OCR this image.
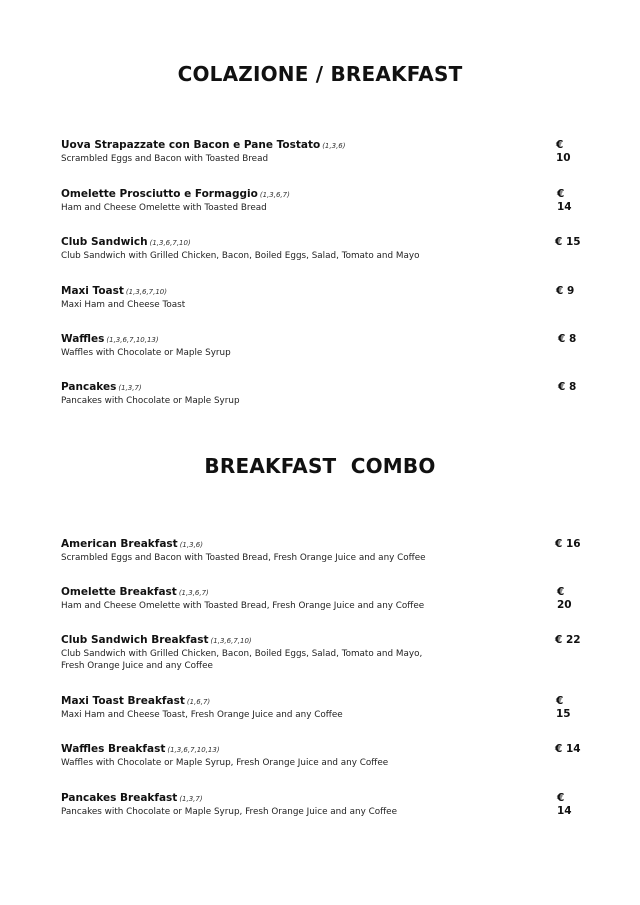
COLAZIONE / BREAKFAST
Uova Strapazzate con Bacon e Pane Tostato (1,3,6)
Scrambled Eggs and Bacon with Toasted Bread
€ 10
Omelette Prosciutto e Formaggio (1,3,6,7)
Ham and Cheese Omelette with Toasted Bread
€ 14
Club Sandwich (1,3,6,7,10)
Club Sandwich with Grilled Chicken, Bacon, Boiled Eggs, Salad, Tomato and Mayo
€ 15
Maxi Toast (1,3,6,7,10)
Maxi Ham and Cheese Toast
€ 9
Waffles (1,3,6,7,10,13)
Waffles with Chocolate or Maple Syrup
€ 8
Pancakes (1,3,7)
Pancakes with Chocolate or Maple Syrup
€ 8
BREAKFAST  COMBO
American Breakfast (1,3,6)
Scrambled Eggs and Bacon with Toasted Bread, Fresh Orange Juice and any Coffee
€ 16
Omelette Breakfast (1,3,6,7)
Ham and Cheese Omelette with Toasted Bread, Fresh Orange Juice and any Coffee
€ 20
Club Sandwich Breakfast (1,3,6,7,10)
Club Sandwich with Grilled Chicken, Bacon, Boiled Eggs, Salad, Tomato and Mayo,
Fresh Orange Juice and any Coffee
€ 22
Maxi Toast Breakfast (1,6,7)
Maxi Ham and Cheese Toast, Fresh Orange Juice and any Coffee
€ 15
Waffles Breakfast (1,3,6,7,10,13)
Waffles with Chocolate or Maple Syrup, Fresh Orange Juice and any Coffee
€ 14
Pancakes Breakfast (1,3,7)
Pancakes with Chocolate or Maple Syrup, Fresh Orange Juice and any Coffee
€ 14
